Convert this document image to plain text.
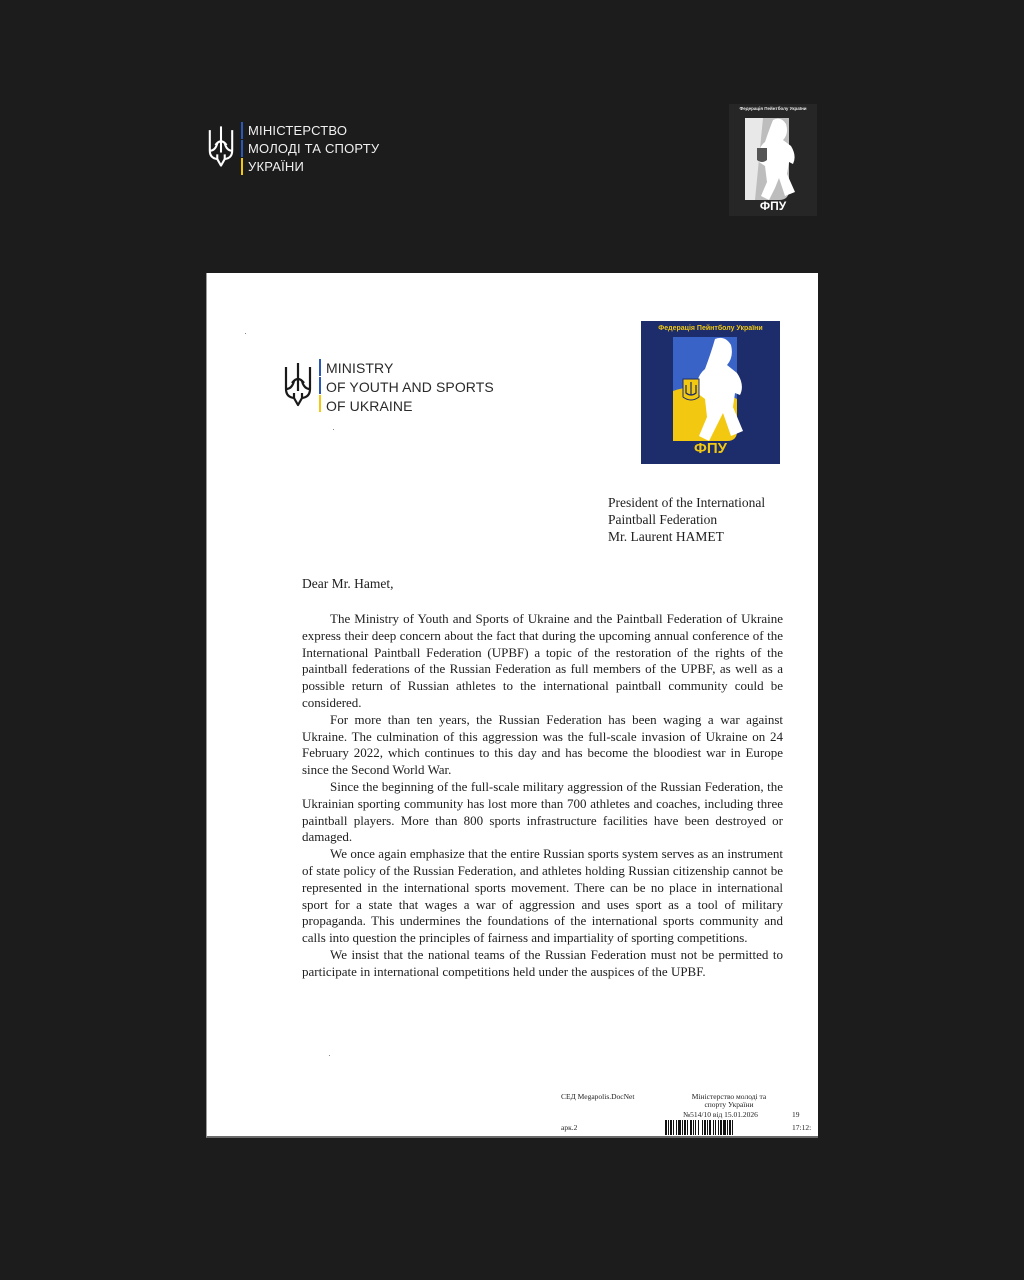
МІНІСТЕРСТВО
МОЛОДІ ТА СПОРТУ
УКРАЇНИ
Федерація Пейнтболу України
ФПУ
MINISTRY
OF YOUTH AND SPORTS
OF UKRAINE
Федерація Пейнтболу України
ФПУ
President of the International
Paintball Federation
Mr. Laurent HAMET
Dear Mr. Hamet,

The Ministry of Youth and Sports of Ukraine and the Paintball Federation of Ukraine express their deep concern about the fact that during the upcoming annual conference of the International Paintball Federation (UPBF) a topic of the restoration of the rights of the paintball federations of the Russian Federation as full members of the UPBF, as well as a possible return of Russian athletes to the international paintball community could be considered.

For more than ten years, the Russian Federation has been waging a war against Ukraine. The culmination of this aggression was the full-scale invasion of Ukraine on 24 February 2022, which continues to this day and has become the bloodiest war in Europe since the Second World War.

Since the beginning of the full-scale military aggression of the Russian Federation, the Ukrainian sporting community has lost more than 700 athletes and coaches, including three paintball players. More than 800 sports infrastructure facilities have been destroyed or damaged.

We once again emphasize that the entire Russian sports system serves as an instrument of state policy of the Russian Federation, and athletes holding Russian citizenship cannot be represented in the international sports movement. There can be no place in international sport for a state that wages a war of aggression and uses sport as a tool of military propaganda. This undermines the foundations of the international sports community and calls into question the principles of fairness and impartiality of sporting competitions.

We insist that the national teams of the Russian Federation must not be permitted to participate in international competitions held under the auspices of the UPBF.

СЕД Megapolis.DocNet
арк.2
Міністерство молоді та
спорту України
№514/10 від 15.01.2026	19
17:12:
